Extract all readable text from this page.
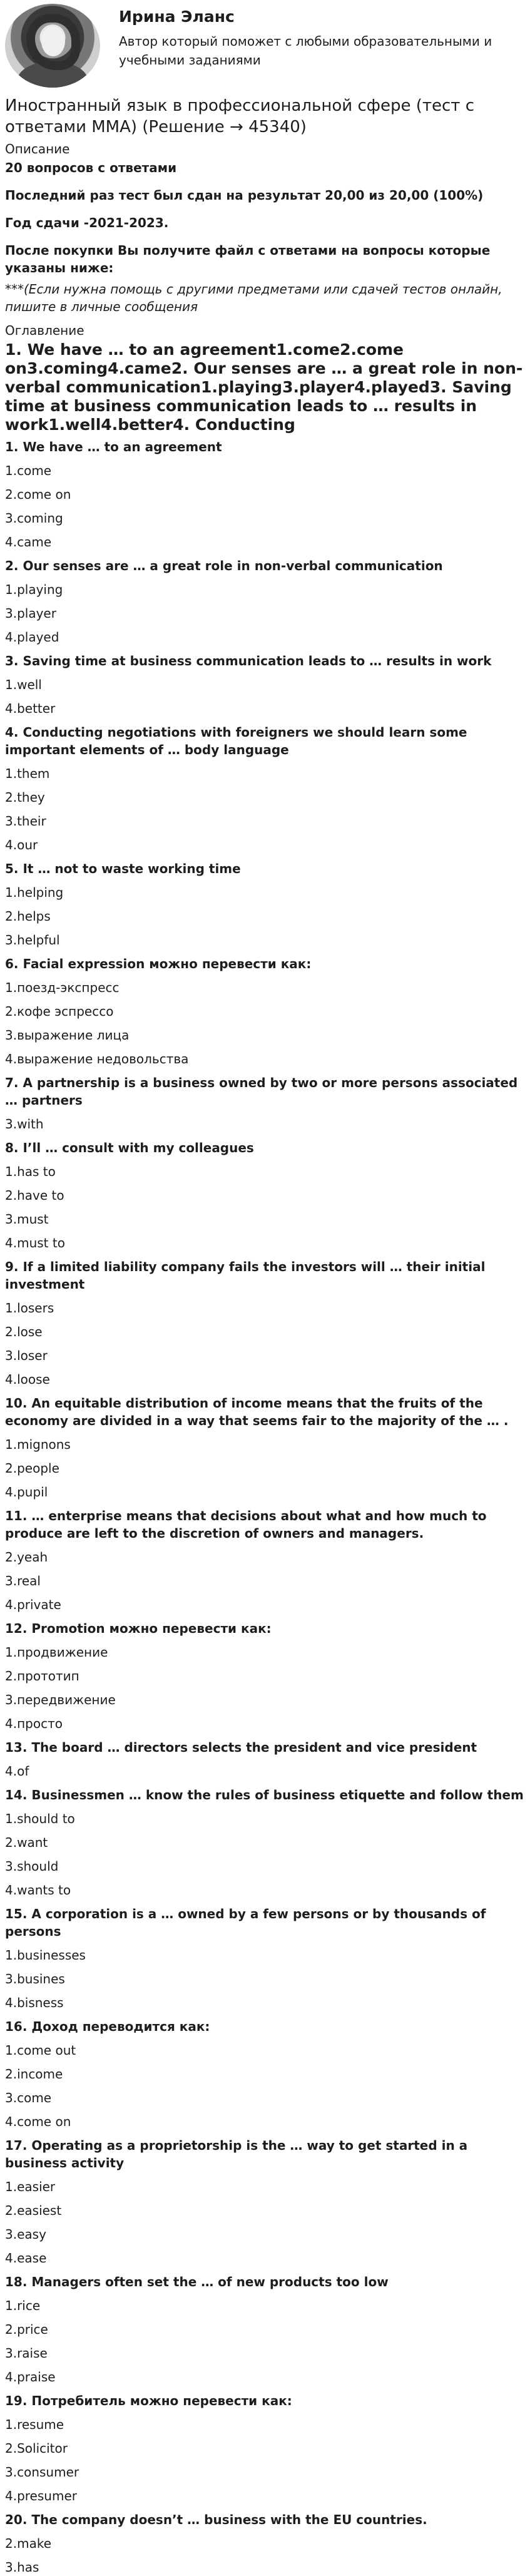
Ирина Эланс

Автор который поможет с любыми образовательными и учебными заданиями

Иностранный язык в профессиональной сфере (тест с ответами ММА) (Решение → 45340)
Описание
20 вопросов с ответами
Последний раз тест был сдан на результат 20,00 из 20,00 (100%)
Год сдачи -2021-2023.
После покупки Вы получите файл с ответами на вопросы которые указаны ниже:
***(Если нужна помощь с другими предметами или сдачей тестов онлайн, пишите в личные сообщения
Оглавление
1. We have … to an agreement1.come2.come on3.coming4.came2. Our senses are … a great role in non-verbal communication1.playing3.player4.played3. Saving time at business communication leads to … results in work1.well4.better4. Conducting
1. We have … to an agreement
1.come
2.come on
3.coming
4.came
2. Our senses are … a great role in non-verbal communication
1.playing
3.player
4.played
3. Saving time at business communication leads to … results in work
1.well
4.better
4. Conducting negotiations with foreigners we should learn some important elements of … body language
1.them
2.they
3.their
4.our
5. It … not to waste working time
1.helping
2.helps
3.helpful
6. Facial expression можно перевести как:
1.поезд-экспресс
2.кофе эспрессо
3.выражение лица
4.выражение недовольства
7. A partnership is a business owned by two or more persons associated … partners
3.with
8. I’ll … consult with my colleagues
1.has to
2.have to
3.must
4.must to
9. If a limited liability company fails the investors will … their initial investment
1.losers
2.lose
3.loser
4.loose
10. An equitable distribution of income means that the fruits of the economy are divided in a way that seems fair to the majority of the … .
1.mignons
2.people
4.pupil
11. … enterprise means that decisions about what and how much to produce are left to the discretion of owners and managers.
2.yeah
3.real
4.private
12. Promotion можно перевести как:
1.продвижение
2.прототип
3.передвижение
4.просто
13. The board … directors selects the president and vice president
4.of
14. Businessmen … know the rules of business etiquette and follow them
1.should to
2.want
3.should
4.wants to
15. A corporation is a … owned by a few persons or by thousands of persons
1.businesses
3.busines
4.bisness
16. Доход переводится как:
1.come out
2.income
3.come
4.come on
17. Operating as a proprietorship is the … way to get started in a business activity
1.easier
2.easiest
3.easy
4.ease
18. Managers often set the … of new products too low
1.rice
2.price
3.raise
4.praise
19. Потребитель можно перевести как:
1.resume
2.Solicitor
3.consumer
4.presumer
20. The company doesn’t … business with the EU countries.
2.make
3.has
